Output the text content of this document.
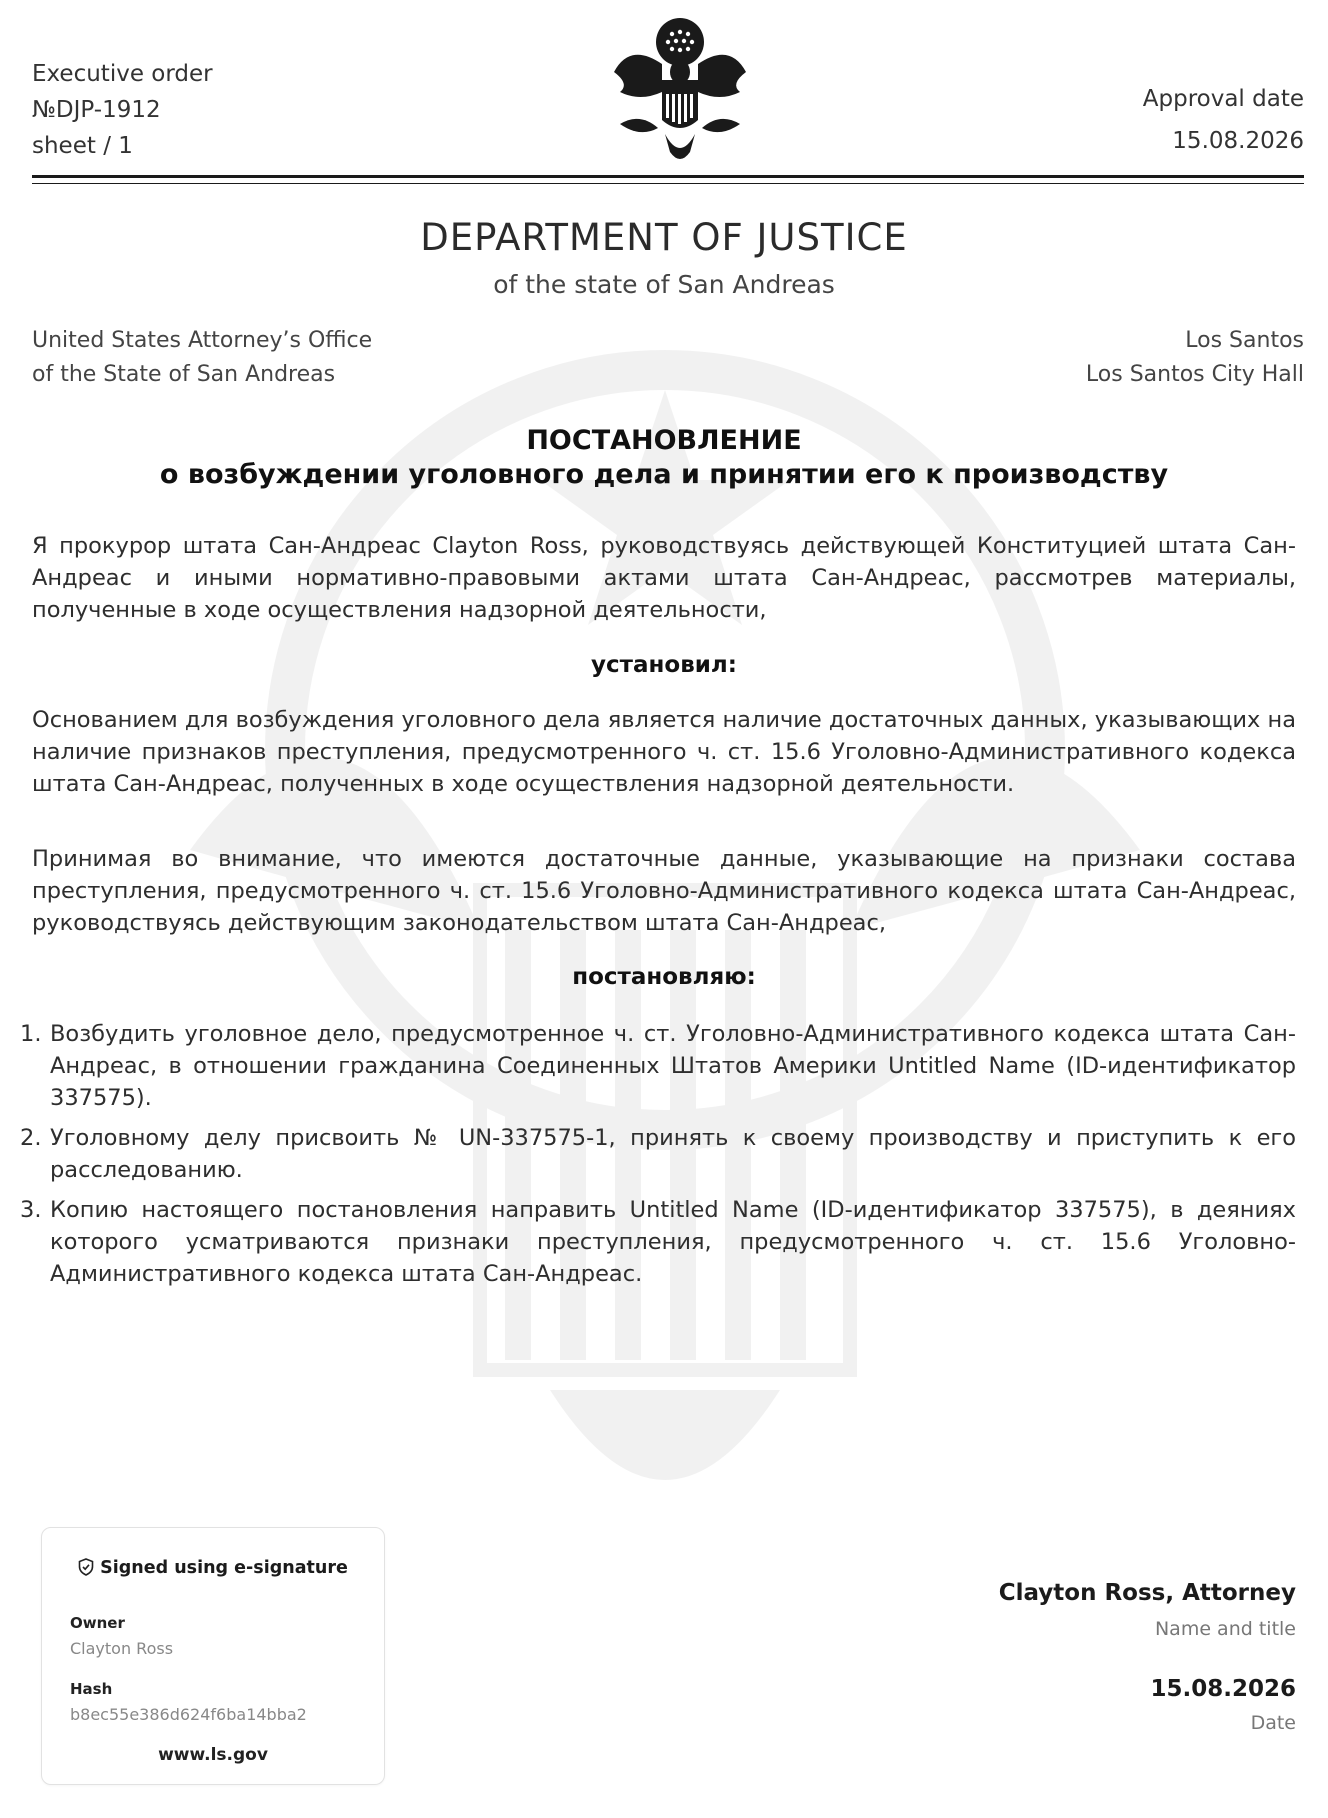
Executive order
№DJP-1912
sheet / 1
Approval date
15.08.2026
DEPARTMENT OF JUSTICE
of the state of San Andreas
United States Attorney’s Office
of the State of San Andreas
Los Santos
Los Santos City Hall
ПОСТАНОВЛЕНИЕ
о возбуждении уголовного дела и принятии его к производству
Я прокурор штата Сан-Андреас Clayton Ross, руководствуясь действующей Конституцией штата Сан-Андреас и иными нормативно-правовыми актами штата Сан-Андреас, рассмотрев материалы, полученные в ходе осуществления надзорной деятельности,
установил:
Основанием для возбуждения уголовного дела является наличие достаточных данных, указывающих на наличие признаков преступления, предусмотренного ч. ст. 15.6 Уголовно-Административного кодекса штата Сан-Андреас, полученных в ходе осуществления надзорной деятельности.
Принимая во внимание, что имеются достаточные данные, указывающие на признаки состава преступления, предусмотренного ч. ст. 15.6 Уголовно-Административного кодекса штата Сан-Андреас, руководствуясь действующим законодательством штата Сан-Андреас,
постановляю:
1. Возбудить уголовное дело, предусмотренное ч. ст. Уголовно-Административного кодекса штата Сан-Андреас, в отношении гражданина Соединенных Штатов Америки Untitled Name (ID-идентификатор 337575).
2. Уголовному делу присвоить № UN-337575-1, принять к своему производству и приступить к его расследованию.
3. Копию настоящего постановления направить Untitled Name (ID-идентификатор 337575), в деяниях которого усматриваются признаки преступления, предусмотренного ч. ст. 15.6 Уголовно-Административного кодекса штата Сан-Андреас.
Signed using e-signature
Owner
Clayton Ross
Hash
b8ec55e386d624f6ba14bba2
www.ls.gov
Clayton Ross, Attorney
Name and title
15.08.2026
Date
